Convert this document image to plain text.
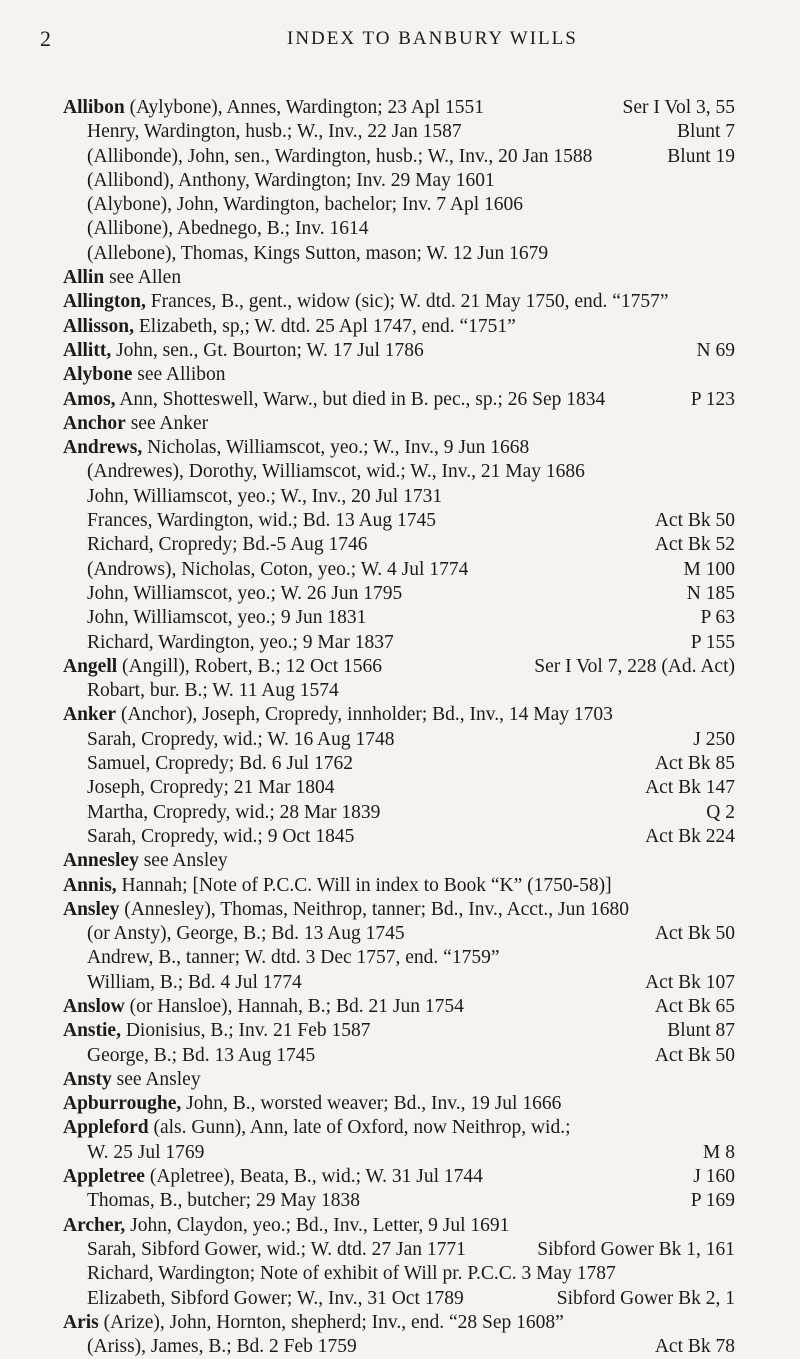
2	INDEX TO BANBURY WILLS
Allibon (Aylybone), Annes, Wardington; 23 Apl 1551	Ser I Vol 3, 55
Henry, Wardington, husb.; W., Inv., 22 Jan 1587	Blunt 7
(Allibonde), John, sen., Wardington, husb.; W., Inv., 20 Jan 1588	Blunt 19
(Allibond), Anthony, Wardington; Inv. 29 May 1601
(Alybone), John, Wardington, bachelor; Inv. 7 Apl 1606
(Allibone), Abednego, B.; Inv. 1614
(Allebone), Thomas, Kings Sutton, mason; W. 12 Jun 1679
Allin see Allen
Allington, Frances, B., gent., widow (sic); W. dtd. 21 May 1750, end. “1757”
Allisson, Elizabeth, sp,; W. dtd. 25 Apl 1747, end. “1751”
Allitt, John, sen., Gt. Bourton; W. 17 Jul 1786	N 69
Alybone see Allibon
Amos, Ann, Shotteswell, Warw., but died in B. pec., sp.; 26 Sep 1834	P 123
Anchor see Anker
Andrews, Nicholas, Williamscot, yeo.; W., Inv., 9 Jun 1668
(Andrewes), Dorothy, Williamscot, wid.; W., Inv., 21 May 1686
John, Williamscot, yeo.; W., Inv., 20 Jul 1731
Frances, Wardington, wid.; Bd. 13 Aug 1745	Act Bk 50
Richard, Cropredy; Bd.-5 Aug 1746	Act Bk 52
(Androws), Nicholas, Coton, yeo.; W. 4 Jul 1774	M 100
John, Williamscot, yeo.; W. 26 Jun 1795	N 185
John, Williamscot, yeo.; 9 Jun 1831	P 63
Richard, Wardington, yeo.; 9 Mar 1837	P 155
Angell (Angill), Robert, B.; 12 Oct 1566	Ser I Vol 7, 228 (Ad. Act)
Robart, bur. B.; W. 11 Aug 1574
Anker (Anchor), Joseph, Cropredy, innholder; Bd., Inv., 14 May 1703
Sarah, Cropredy, wid.; W. 16 Aug 1748	J 250
Samuel, Cropredy; Bd. 6 Jul 1762	Act Bk 85
Joseph, Cropredy; 21 Mar 1804	Act Bk 147
Martha, Cropredy, wid.; 28 Mar 1839	Q 2
Sarah, Cropredy, wid.; 9 Oct 1845	Act Bk 224
Annesley see Ansley
Annis, Hannah; [Note of P.C.C. Will in index to Book “K” (1750-58)]
Ansley (Annesley), Thomas, Neithrop, tanner; Bd., Inv., Acct., Jun 1680
(or Ansty), George, B.; Bd. 13 Aug 1745	Act Bk 50
Andrew, B., tanner; W. dtd. 3 Dec 1757, end. “1759”
William, B.; Bd. 4 Jul 1774	Act Bk 107
Anslow (or Hansloe), Hannah, B.; Bd. 21 Jun 1754	Act Bk 65
Anstie, Dionisius, B.; Inv. 21 Feb 1587	Blunt 87
George, B.; Bd. 13 Aug 1745	Act Bk 50
Ansty see Ansley
Apburroughe, John, B., worsted weaver; Bd., Inv., 19 Jul 1666
Appleford (als. Gunn), Ann, late of Oxford, now Neithrop, wid.;
W. 25 Jul 1769	M 8
Appletree (Apletree), Beata, B., wid.; W. 31 Jul 1744	J 160
Thomas, B., butcher; 29 May 1838	P 169
Archer, John, Claydon, yeo.; Bd., Inv., Letter, 9 Jul 1691
Sarah, Sibford Gower, wid.; W. dtd. 27 Jan 1771	Sibford Gower Bk 1, 161
Richard, Wardington; Note of exhibit of Will pr. P.C.C. 3 May 1787
Elizabeth, Sibford Gower; W., Inv., 31 Oct 1789	Sibford Gower Bk 2, 1
Aris (Arize), John, Hornton, shepherd; Inv., end. “28 Sep 1608”
(Ariss), James, B.; Bd. 2 Feb 1759	Act Bk 78
